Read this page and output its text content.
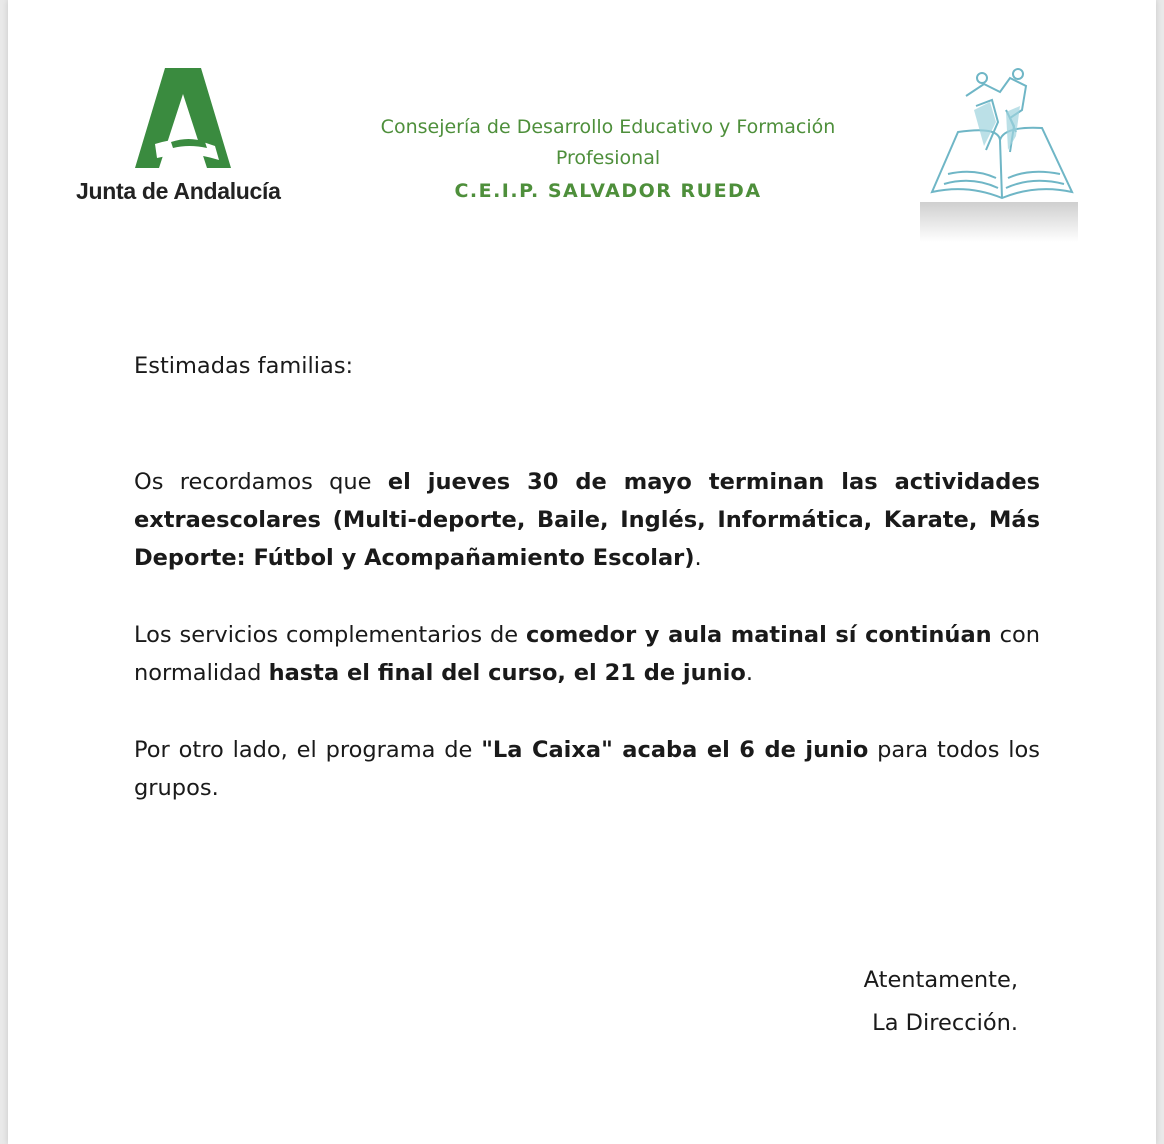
Junta de Andalucía
Consejería de Desarrollo Educativo y Formación
Profesional
C.E.I.P. SALVADOR RUEDA
Estimadas familias:
Os recordamos que el jueves 30 de mayo terminan las actividades extraescolares (Multi-deporte, Baile, Inglés, Informática, Karate, Más Deporte: Fútbol y Acompañamiento Escolar).
Los servicios complementarios de comedor y aula matinal sí continúan con normalidad hasta el final del curso, el 21 de junio.
Por otro lado, el programa de "La Caixa" acaba el 6 de junio para todos los grupos.
Atentamente,
La Dirección.
